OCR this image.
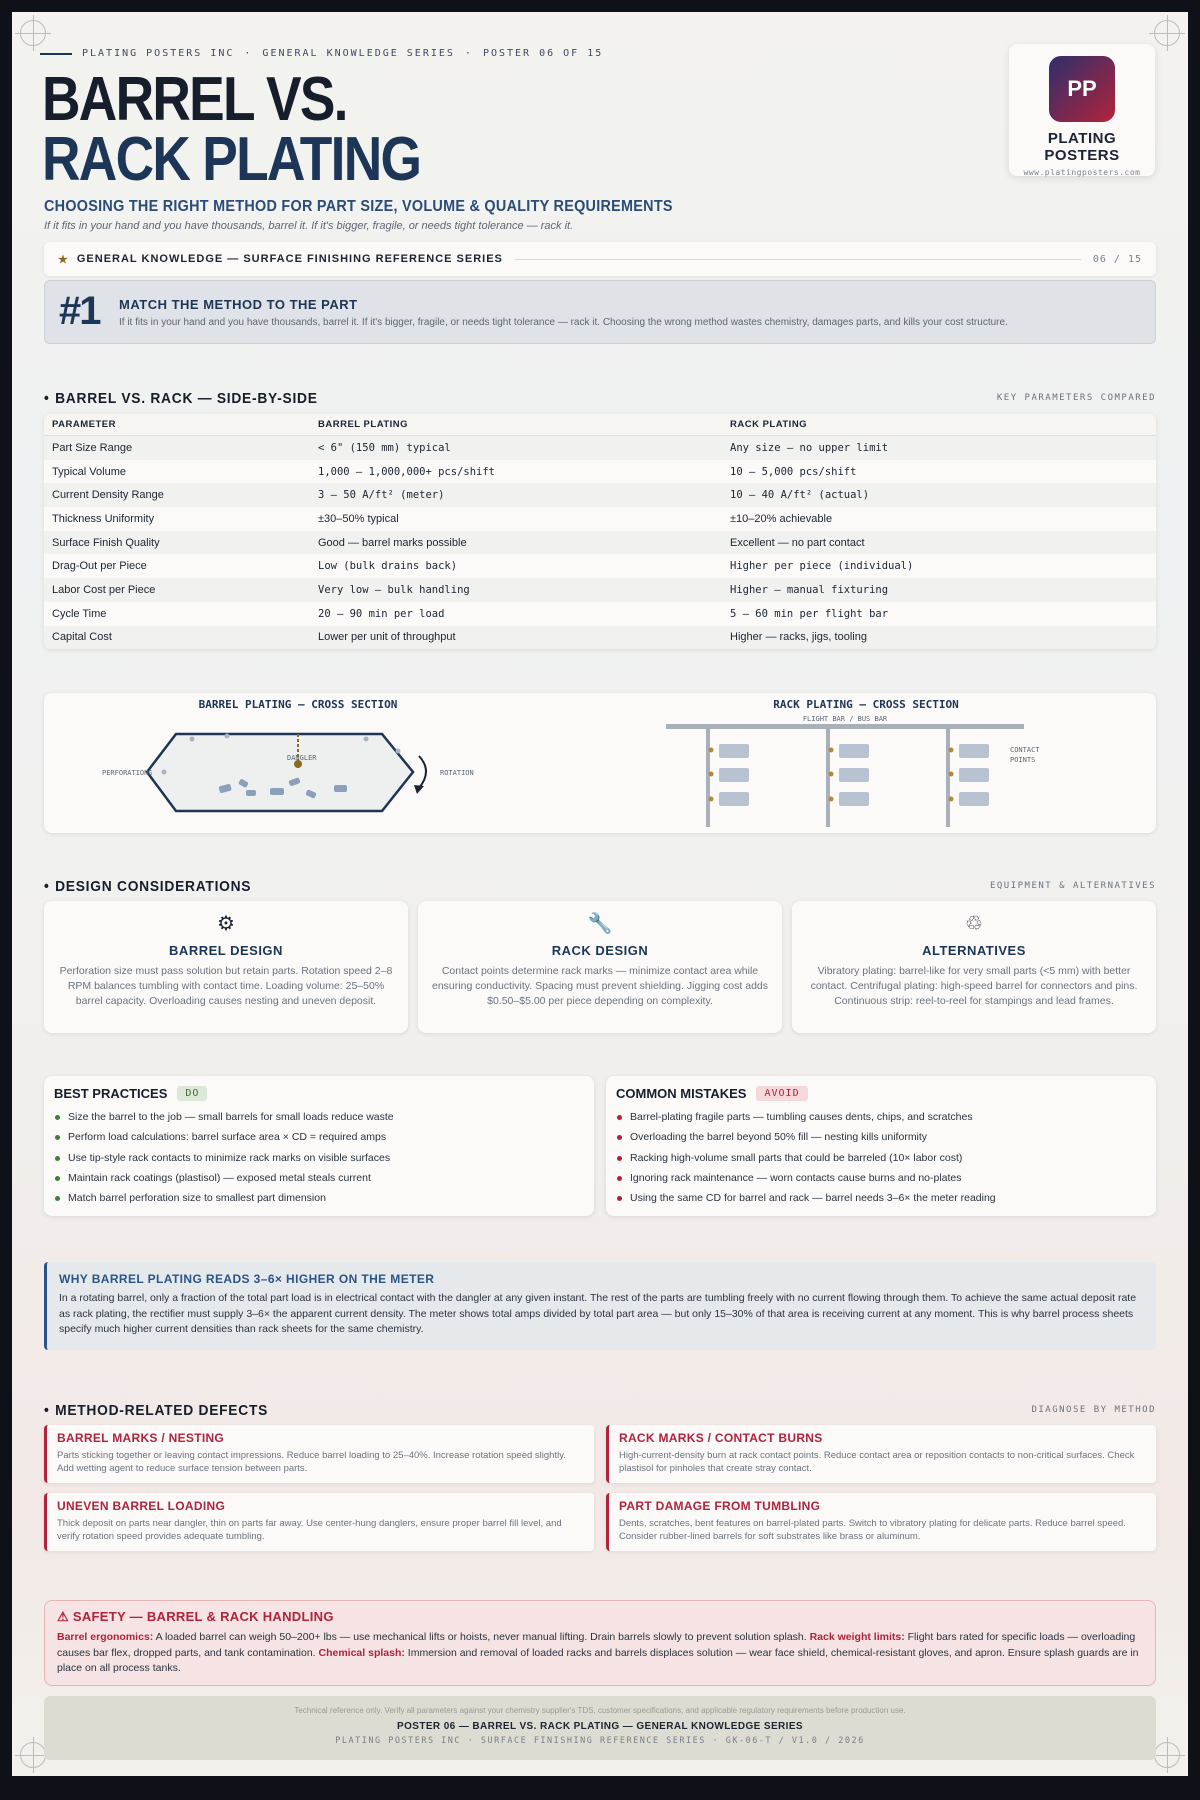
PLATING POSTERS INC · GENERAL KNOWLEDGE SERIES · POSTER 06 OF 15
BARREL VS.
RACK PLATING
CHOOSING THE RIGHT METHOD FOR PART SIZE, VOLUME & QUALITY REQUIREMENTS
If it fits in your hand and you have thousands, barrel it. If it's bigger, fragile, or needs tight tolerance — rack it.
PP
PLATING POSTERS
www.platingposters.com
★ GENERAL KNOWLEDGE — SURFACE FINISHING REFERENCE SERIES	06 / 15
#1 MATCH THE METHOD TO THE PART
If it fits in your hand and you have thousands, barrel it. If it's bigger, fragile, or needs tight tolerance — rack it. Choosing the wrong method wastes chemistry, damages parts, and kills your cost structure.
• BARREL VS. RACK — SIDE-BY-SIDE	KEY PARAMETERS COMPARED
PARAMETER	BARREL PLATING	RACK PLATING
Part Size Range	< 6" (150 mm) typical	Any size — no upper limit
Typical Volume	1,000 – 1,000,000+ pcs/shift	10 – 5,000 pcs/shift
Current Density Range	3 – 50 A/ft² (meter)	10 – 40 A/ft² (actual)
Thickness Uniformity	±30–50% typical	±10–20% achievable
Surface Finish Quality	Good — barrel marks possible	Excellent — no part contact
Drag-Out per Piece	Low (bulk drains back)	Higher per piece (individual)
Labor Cost per Piece	Very low — bulk handling	Higher — manual fixturing
Cycle Time	20 – 90 min per load	5 – 60 min per flight bar
Capital Cost	Lower per unit of throughput	Higher — racks, jigs, tooling
BARREL PLATING — CROSS SECTION	RACK PLATING — CROSS SECTION
DANGLER
PERFORATIONS	ROTATION
FLIGHT BAR / BUS BAR
CONTACT
POINTS
• DESIGN CONSIDERATIONS	EQUIPMENT & ALTERNATIVES
⚙
BARREL DESIGN
Perforation size must pass solution but retain parts. Rotation speed 2–8 RPM balances tumbling with contact time. Loading volume: 25–50% barrel capacity. Overloading causes nesting and uneven deposit.
🔧
RACK DESIGN
Contact points determine rack marks — minimize contact area while ensuring conductivity. Spacing must prevent shielding. Jigging cost adds $0.50–$5.00 per piece depending on complexity.
♲
ALTERNATIVES
Vibratory plating: barrel-like for very small parts (<5 mm) with better contact. Centrifugal plating: high-speed barrel for connectors and pins. Continuous strip: reel-to-reel for stampings and lead frames.
BEST PRACTICES	DO
Size the barrel to the job — small barrels for small loads reduce waste
Perform load calculations: barrel surface area × CD = required amps
Use tip-style rack contacts to minimize rack marks on visible surfaces
Maintain rack coatings (plastisol) — exposed metal steals current
Match barrel perforation size to smallest part dimension
COMMON MISTAKES	AVOID
Barrel-plating fragile parts — tumbling causes dents, chips, and scratches
Overloading the barrel beyond 50% fill — nesting kills uniformity
Racking high-volume small parts that could be barreled (10× labor cost)
Ignoring rack maintenance — worn contacts cause burns and no-plates
Using the same CD for barrel and rack — barrel needs 3–6× the meter reading
WHY BARREL PLATING READS 3–6× HIGHER ON THE METER
In a rotating barrel, only a fraction of the total part load is in electrical contact with the dangler at any given instant. The rest of the parts are tumbling freely with no current flowing through them. To achieve the same actual deposit rate as rack plating, the rectifier must supply 3–6× the apparent current density. The meter shows total amps divided by total part area — but only 15–30% of that area is receiving current at any moment. This is why barrel process sheets specify much higher current densities than rack sheets for the same chemistry.
• METHOD-RELATED DEFECTS	DIAGNOSE BY METHOD
BARREL MARKS / NESTING
Parts sticking together or leaving contact impressions. Reduce barrel loading to 25–40%. Increase rotation speed slightly. Add wetting agent to reduce surface tension between parts.
RACK MARKS / CONTACT BURNS
High-current-density burn at rack contact points. Reduce contact area or reposition contacts to non-critical surfaces. Check plastisol for pinholes that create stray contact.
UNEVEN BARREL LOADING
Thick deposit on parts near dangler, thin on parts far away. Use center-hung danglers, ensure proper barrel fill level, and verify rotation speed provides adequate tumbling.
PART DAMAGE FROM TUMBLING
Dents, scratches, bent features on barrel-plated parts. Switch to vibratory plating for delicate parts. Reduce barrel speed. Consider rubber-lined barrels for soft substrates like brass or aluminum.
⚠ SAFETY — BARREL & RACK HANDLING
Barrel ergonomics: A loaded barrel can weigh 50–200+ lbs — use mechanical lifts or hoists, never manual lifting. Drain barrels slowly to prevent solution splash. Rack weight limits: Flight bars rated for specific loads — overloading causes bar flex, dropped parts, and tank contamination. Chemical splash: Immersion and removal of loaded racks and barrels displaces solution — wear face shield, chemical-resistant gloves, and apron. Ensure splash guards are in place on all process tanks.
Technical reference only. Verify all parameters against your chemistry supplier's TDS, customer specifications, and applicable regulatory requirements before production use.
POSTER 06 — BARREL VS. RACK PLATING — GENERAL KNOWLEDGE SERIES
PLATING POSTERS INC · SURFACE FINISHING REFERENCE SERIES · GK-06-T / V1.0 / 2026
